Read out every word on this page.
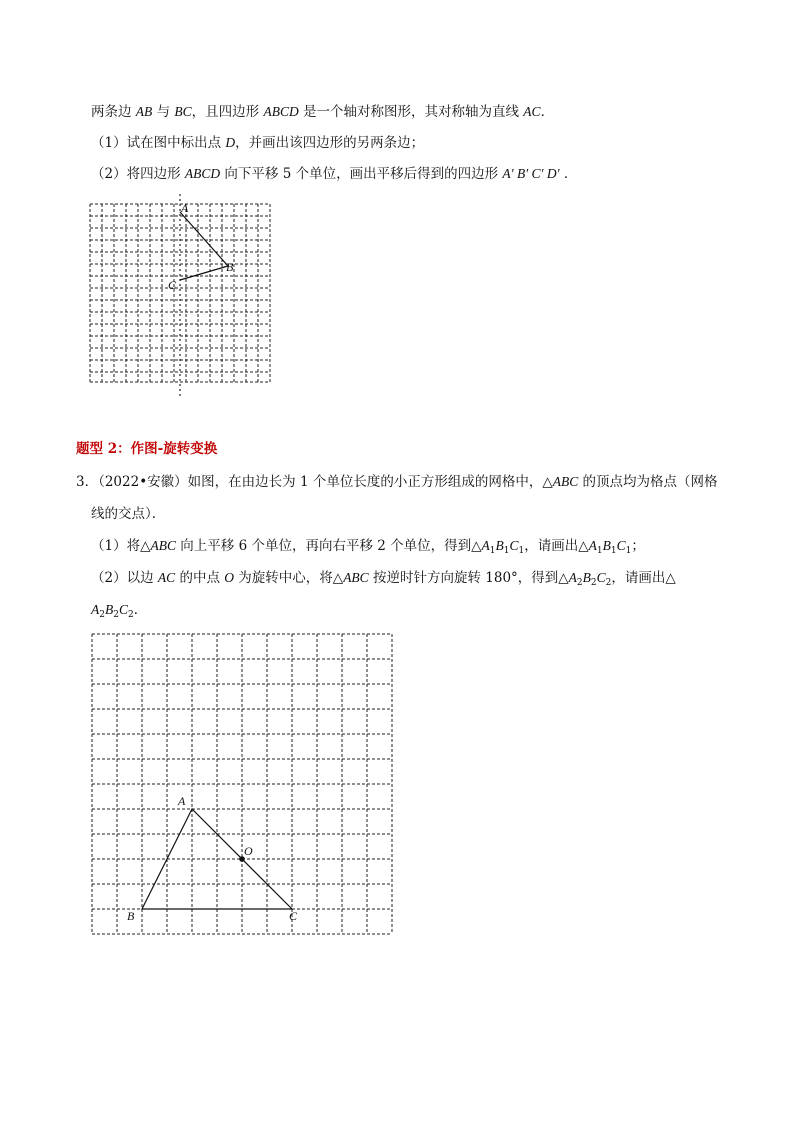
两条边 AB 与 BC，且四边形 ABCD 是一个轴对称图形，其对称轴为直线 AC．
（1）试在图中标出点 D，并画出该四边形的另两条边；
（2）将四边形 ABCD 向下平移 5 个单位，画出平移后得到的四边形 A′ B′ C′ D′ ．
A
B
C
题型 2：作图-旋转变换
3．（2022•安徽）如图，在由边长为 1 个单位长度的小正方形组成的网格中，△ABC 的顶点均为格点（网格
线的交点）．
（1）将△ABC 向上平移 6 个单位，再向右平移 2 个单位，得到$\triangle A_1B_1C_1$，请画出$\triangle A_1B_1C_1$；
（2）以边 AC 的中点 O 为旋转中心，将△ABC 按逆时针方向旋转 180°，得到$\triangle A_2B_2C_2$，请画出△
$A_2B_2C_2$．
A
B	C
O
